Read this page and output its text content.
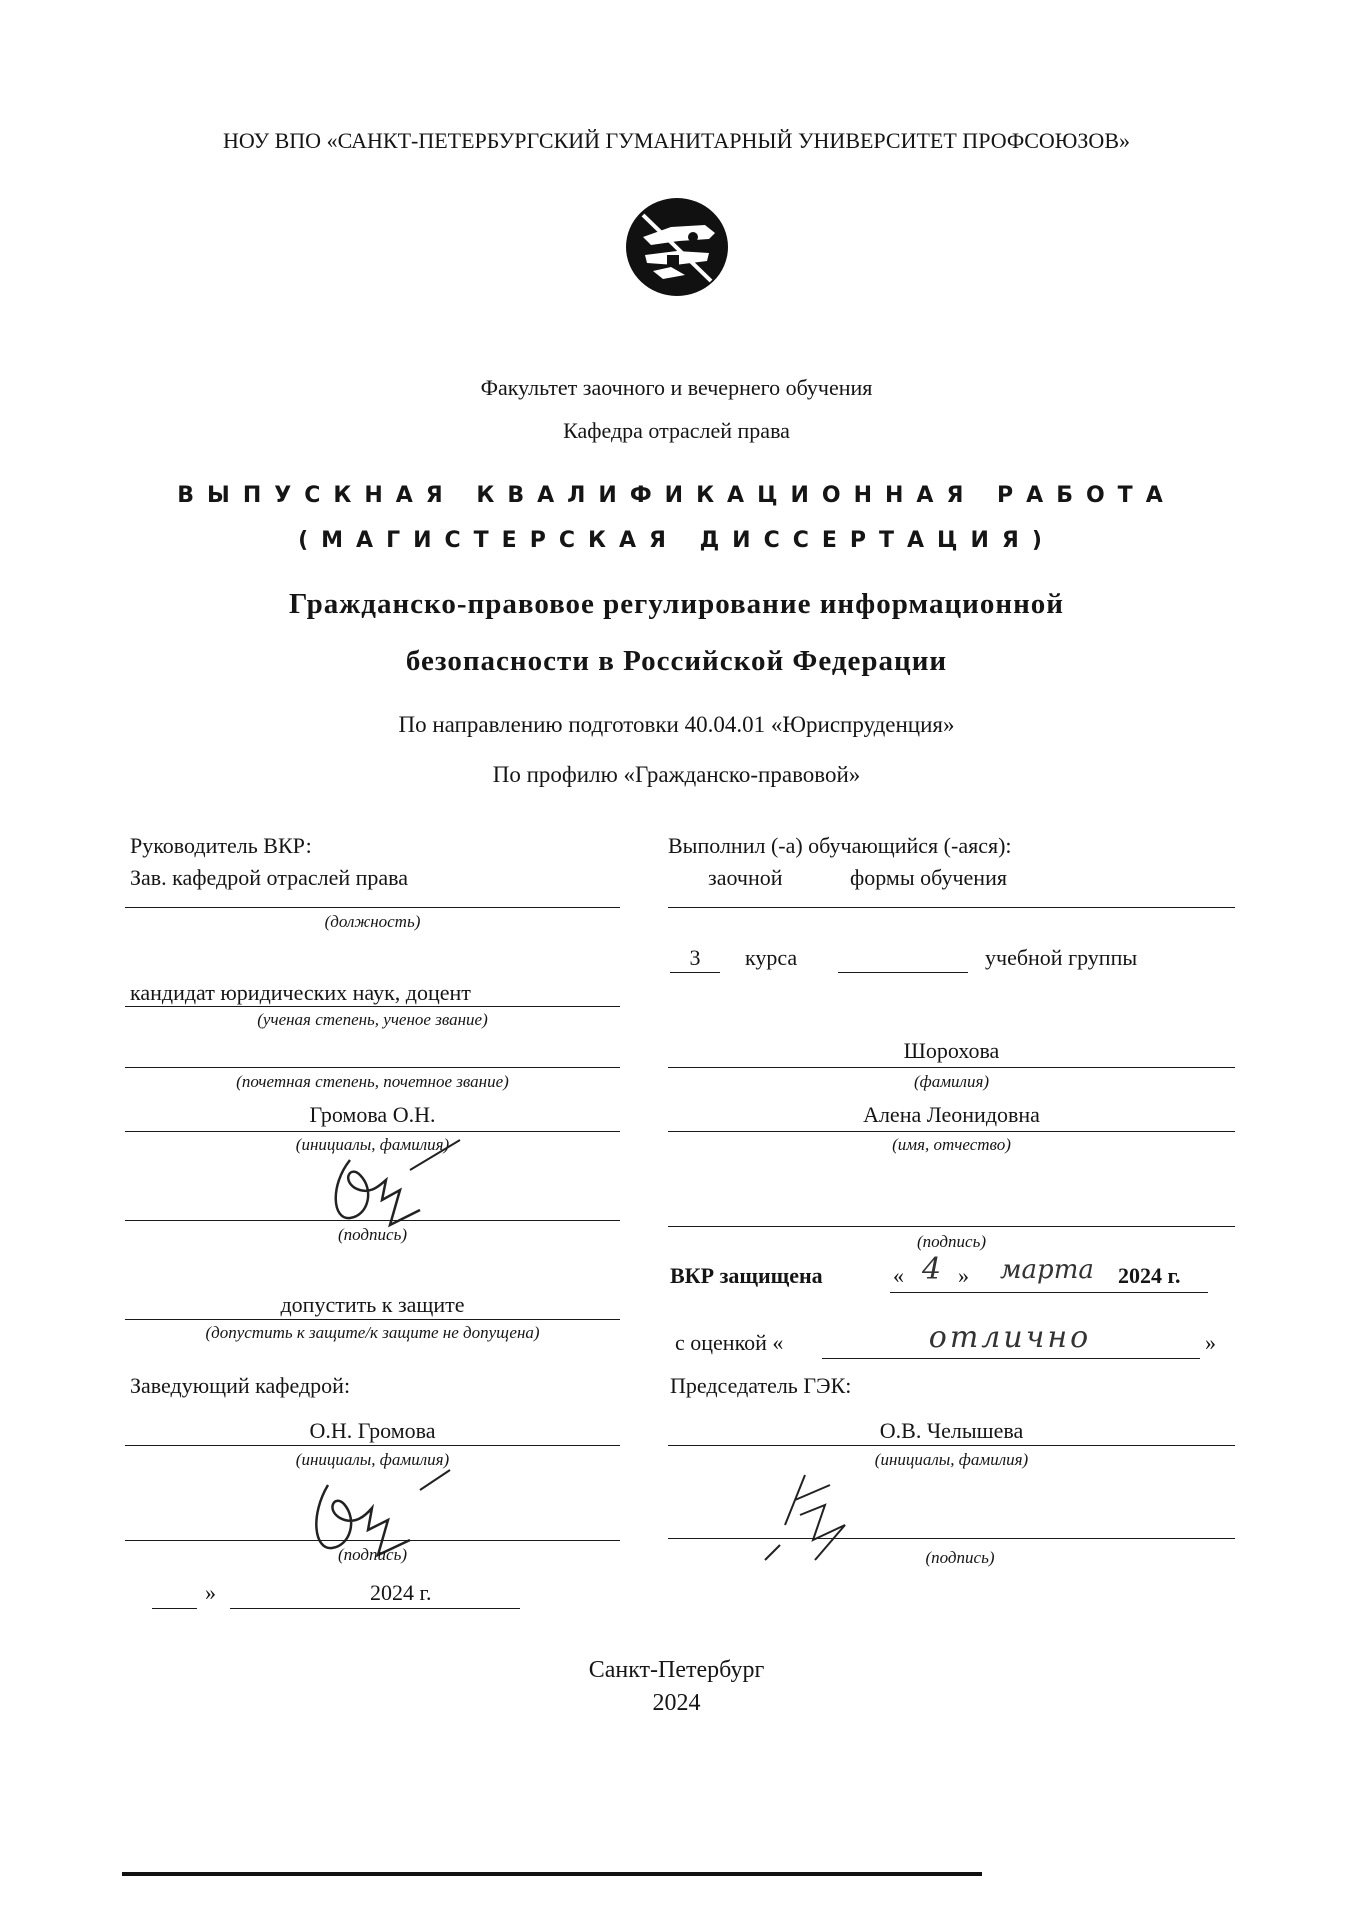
НОУ ВПО «САНКТ-ПЕТЕРБУРГСКИЙ ГУМАНИТАРНЫЙ УНИВЕРСИТЕТ ПРОФСОЮЗОВ»
Факультет заочного и вечернего обучения
Кафедра отраслей права
ВЫПУСКНАЯ КВАЛИФИКАЦИОННАЯ РАБОТА
(МАГИСТЕРСКАЯ ДИССЕРТАЦИЯ)
Гражданско-правовое регулирование информационной
безопасности в Российской Федерации
По направлению подготовки 40.04.01 «Юриспруденция»
По профилю «Гражданско-правовой»
Руководитель ВКР:
Зав. кафедрой отраслей права
(должность)
кандидат юридических наук, доцент
(ученая степень, ученое звание)
(почетная степень, почетное звание)
Громова О.Н.
(инициалы, фамилия)
(подпись)
допустить к защите
(допустить к защите/к защите не допущена)
Заведующий кафедрой:
О.Н. Громова
(инициалы, фамилия)
(подпись)
»	2024 г.
Выполнил (-а) обучающийся (-аяся):
заочной	формы обучения
3	курса	учебной группы
Шорохова
(фамилия)
Алена Леонидовна
(имя, отчество)
(подпись)
ВКР защищена	« 4 » марта 2024 г.
с оценкой «	отлично	»
Председатель ГЭК:
О.В. Челышева
(инициалы, фамилия)
(подпись)
Санкт-Петербург
2024
